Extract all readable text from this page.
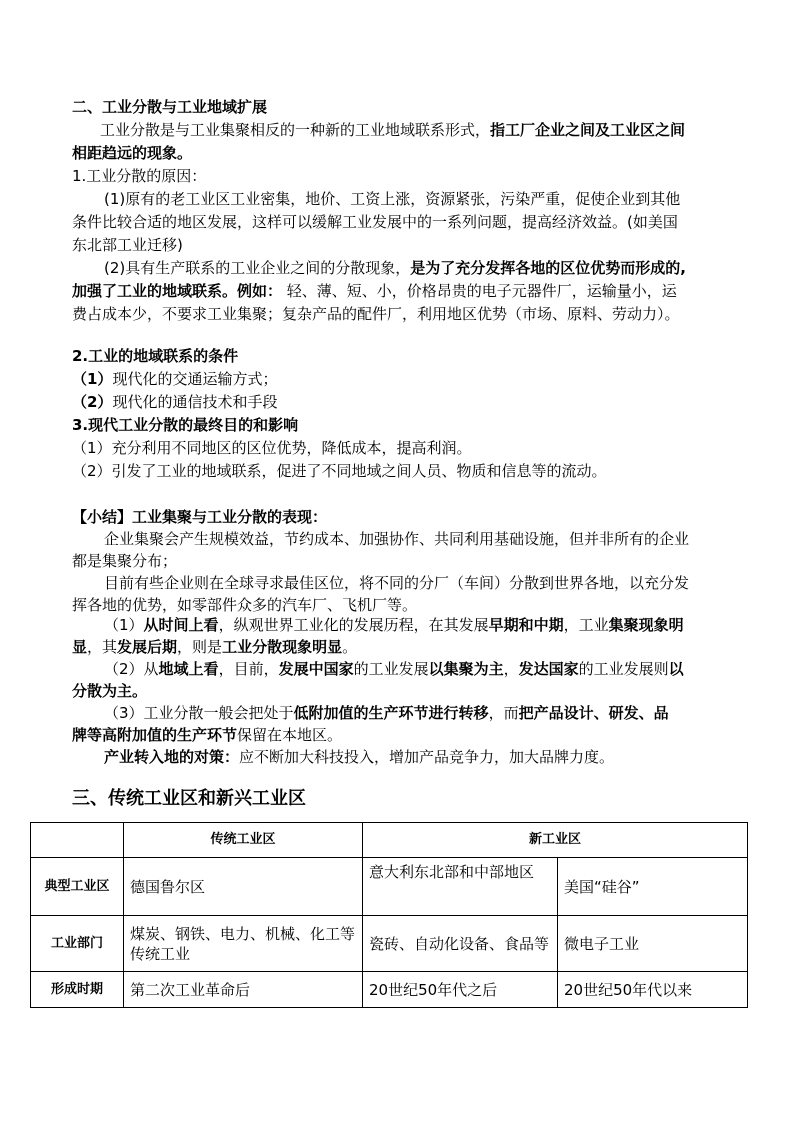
二、工业分散与工业地域扩展
工业分散是与工业集聚相反的一种新的工业地域联系形式，指工厂企业之间及工业区之间
相距趋远的现象。
1.工业分散的原因：
(1)原有的老工业区工业密集，地价、工资上涨，资源紧张，污染严重，促使企业到其他
条件比较合适的地区发展，这样可以缓解工业发展中的一系列问题，提高经济效益。(如美国
东北部工业迁移)
(2)具有生产联系的工业企业之间的分散现象，是为了充分发挥各地的区位优势而形成的,
加强了工业的地域联系。例如： 轻、薄、短、小，价格昂贵的电子元器件厂，运输量小，运
费占成本少，不要求工业集聚；复杂产品的配件厂，利用地区优势（市场、原料、劳动力）。
2.工业的地域联系的条件
（1）现代化的交通运输方式；
（2）现代化的通信技术和手段
3.现代工业分散的最终目的和影响
（1）充分利用不同地区的区位优势，降低成本，提高利润。
（2）引发了工业的地域联系，促进了不同地域之间人员、物质和信息等的流动。
【小结】工业集聚与工业分散的表现：
企业集聚会产生规模效益，节约成本、加强协作、共同利用基础设施，但并非所有的企业
都是集聚分布；
目前有些企业则在全球寻求最佳区位，将不同的分厂（车间）分散到世界各地，以充分发
挥各地的优势，如零部件众多的汽车厂、飞机厂等。
（1）从时间上看，纵观世界工业化的发展历程，在其发展早期和中期，工业集聚现象明
显，其发展后期，则是工业分散现象明显。
（2）从地域上看，目前，发展中国家的工业发展以集聚为主，发达国家的工业发展则以
分散为主。
（3）工业分散一般会把处于低附加值的生产环节进行转移，而把产品设计、研发、品
牌等高附加值的生产环节保留在本地区。
产业转入地的对策：应不断加大科技投入，增加产品竞争力，加大品牌力度。
三、传统工业区和新兴工业区
	传统工业区	新工业区	
典型工业区	德国鲁尔区	意大利东北部和中部地区	美国“硅谷”
工业部门	煤炭、钢铁、电力、机械、化工等传统工业	瓷砖、自动化设备、食品等	微电子工业
形成时期	第二次工业革命后	20世纪50年代之后	20世纪50年代以来
